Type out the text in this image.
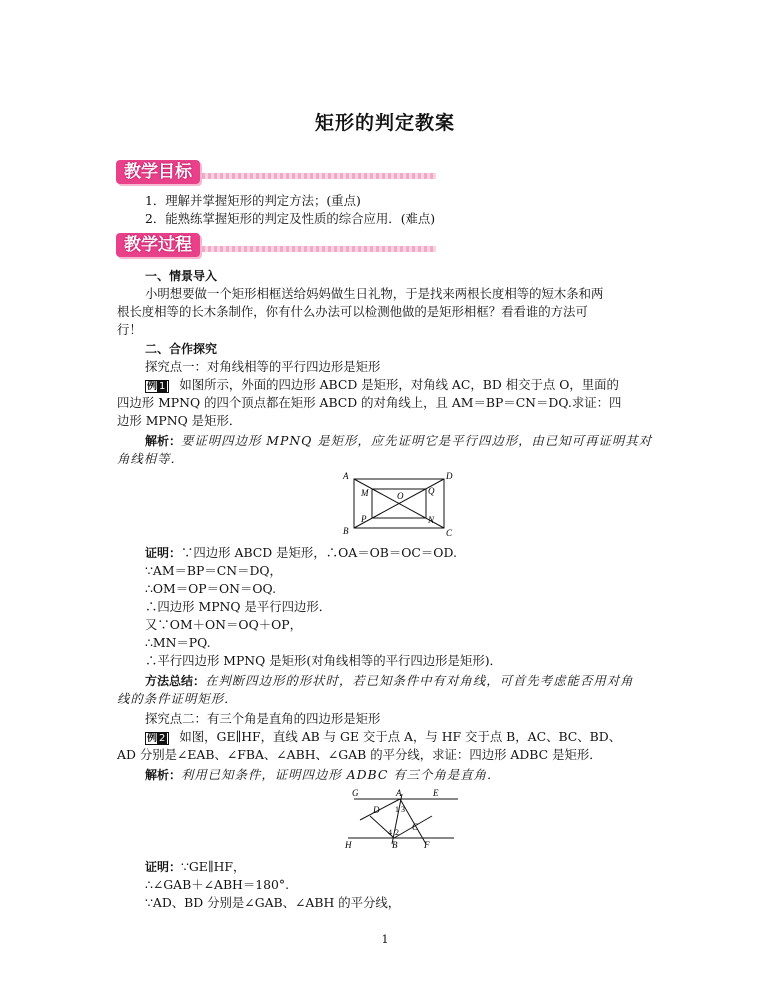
矩形的判定教案
教学目标
1．理解并掌握矩形的判定方法；(重点)
2．能熟练掌握矩形的判定及性质的综合应用．(难点)
教学过程
一、情景导入
小明想要做一个矩形相框送给妈妈做生日礼物，于是找来两根长度相等的短木条和两
根长度相等的长木条制作，你有什么办法可以检测他做的是矩形相框？看看谁的方法可
行！
二、合作探究
探究点一：对角线相等的平行四边形是矩形
例 1 如图所示，外面的四边形 ABCD 是矩形，对角线 AC，BD 相交于点 O，里面的
四边形 MPNQ 的四个顶点都在矩形 ABCD 的对角线上，且 AM＝BP＝CN＝DQ.求证：四
边形 MPNQ 是矩形．
解析：要证明四边形 MPNQ 是矩形，应先证明它是平行四边形，由已知可再证明其对
角线相等．
A	D
B	C
M	Q
O
P	N
证明：∵四边形 ABCD 是矩形，∴OA＝OB＝OC＝OD.
∵AM＝BP＝CN＝DQ，
∴OM＝OP＝ON＝OQ.
∴四边形 MPNQ 是平行四边形．
又∵OM＋ON＝OQ＋OP，
∴MN＝PQ.
∴平行四边形 MPNQ 是矩形(对角线相等的平行四边形是矩形)．
方法总结：在判断四边形的形状时，若已知条件中有对角线，可首先考虑能否用对角
线的条件证明矩形．
探究点二：有三个角是直角的四边形是矩形
例 2 如图，GE∥HF，直线 AB 与 GE 交于点 A，与 HF 交于点 B，AC、BC、BD、
AD 分别是∠EAB、∠FBA、∠ABH、∠GAB 的平分线，求证：四边形 ADBC 是矩形．
解析：利用已知条件，证明四边形 ADBC 有三个角是直角．
G	A	E
D
C
H	B	F
1 3
4 2
证明：∵GE∥HF，
∴∠GAB＋∠ABH＝180°.
∵AD、BD 分别是∠GAB、∠ABH 的平分线，
1
